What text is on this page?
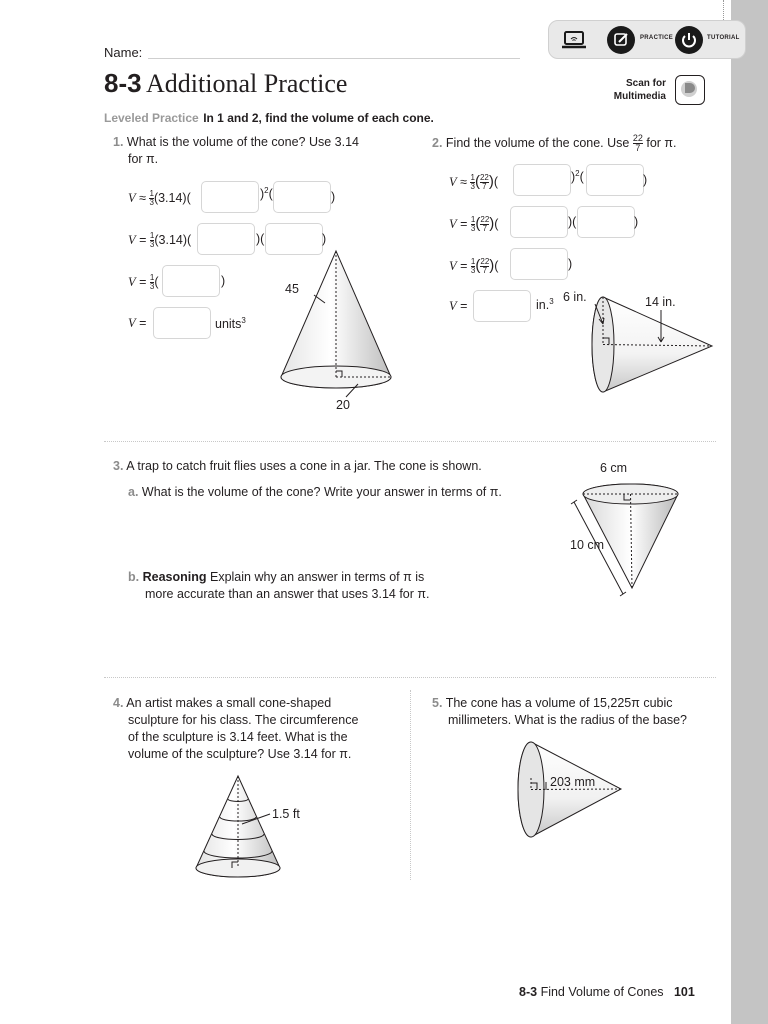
PRACTICE	TUTORIAL
Name:
8-3 Additional Practice	Scan for
Multimedia
Leveled Practice In 1 and 2, find the volume of each cone.
1. What is the volume of the cone? Use 3.14
for π.
$V \approx \frac{1}{3} (3.14)$(	)$^2$(	)
$V = \frac{1}{3} (3.14)$(	)(	)
$V = \frac{1}{3}$ (	)
V =	units$^3$
45
20
2. Find the volume of the cone. Use $\frac{22}{7}$ for π.
$V \approx \frac{1}{3}$ ( $\frac{22}{7}$ )(	)$^2$(	)
$V = \frac{1}{3}$ ( $\frac{22}{7}$ )(	)(	)
$V = \frac{1}{3}$ ( $\frac{22}{7}$ )(	)
V =	in.$^3$ 6 in.	14 in.
3. A trap to catch fruit flies uses a cone in a jar. The cone is shown.
a. What is the volume of the cone? Write your answer in terms of π.
b. Reasoning Explain why an answer in terms of π is
more accurate than an answer that uses 3.14 for π.
6 cm
10 cm
4. An artist makes a small cone-shaped
sculpture for his class. The circumference
of the sculpture is 3.14 feet. What is the
volume of the sculpture? Use 3.14 for π.
1.5 ft
5. The cone has a volume of 15,225π cubic
millimeters. What is the radius of the base?
203 mm
8-3 Find Volume of Cones 101
